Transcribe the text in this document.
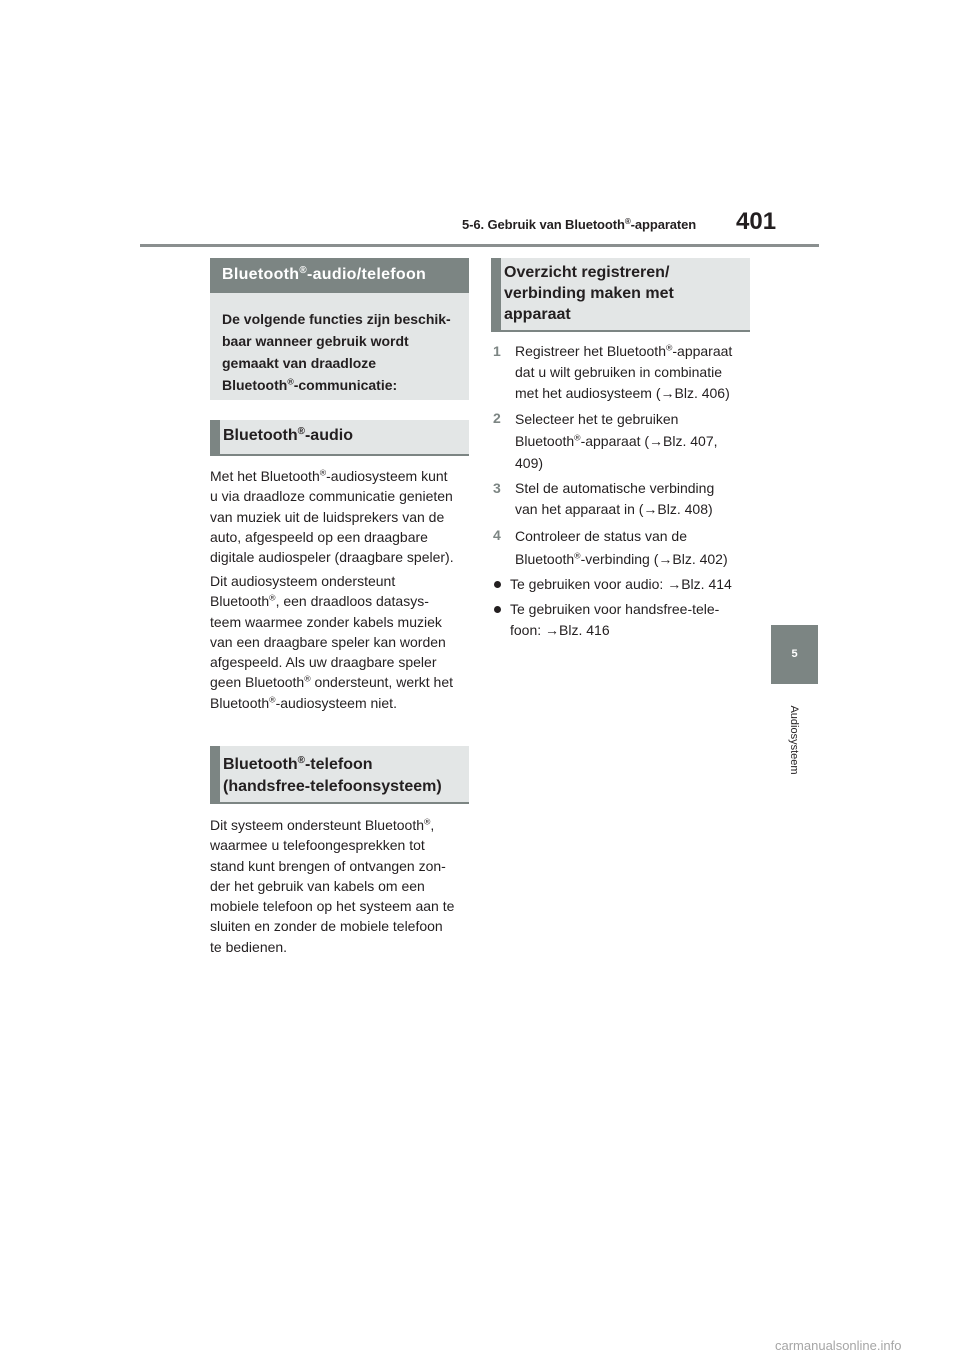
5-6. Gebruik van Bluetooth®-apparaten 401
5
Audiosysteem
Bluetooth®-audio/telefoon
De volgende functies zijn beschik-
baar wanneer gebruik wordt
gemaakt van draadloze
Bluetooth®-communicatie:
Bluetooth®-audio

Met het Bluetooth®-audiosysteem kunt

u via draadloze communicatie genieten

van muziek uit de luidsprekers van de

auto, afgespeeld op een draagbare

digitale audiospeler (draagbare speler).

Dit audiosysteem ondersteunt

Bluetooth®, een draadloos datasys-

teem waarmee zonder kabels muziek

van een draagbare speler kan worden

afgespeeld. Als uw draagbare speler

geen Bluetooth® ondersteunt, werkt het

Bluetooth®-audiosysteem niet.

Bluetooth®-telefoon
(handsfree-telefoonsysteem)

Dit systeem ondersteunt Bluetooth®,

waarmee u telefoongesprekken tot

stand kunt brengen of ontvangen zon-

der het gebruik van kabels om een

mobiele telefoon op het systeem aan te

sluiten en zonder de mobiele telefoon

te bedienen.

Overzicht registreren/
verbinding maken met
apparaat
1 Registreer het Bluetooth®-apparaat
dat u wilt gebruiken in combinatie
met het audiosysteem (→Blz. 406)
2 Selecteer het te gebruiken
Bluetooth®-apparaat (→Blz. 407,
409)
3 Stel de automatische verbinding
van het apparaat in (→Blz. 408)
4 Controleer de status van de
Bluetooth®-verbinding (→Blz. 402)
Te gebruiken voor audio: →Blz. 414
Te gebruiken voor handsfree-tele-
foon: →Blz. 416
carmanualsonline.info
